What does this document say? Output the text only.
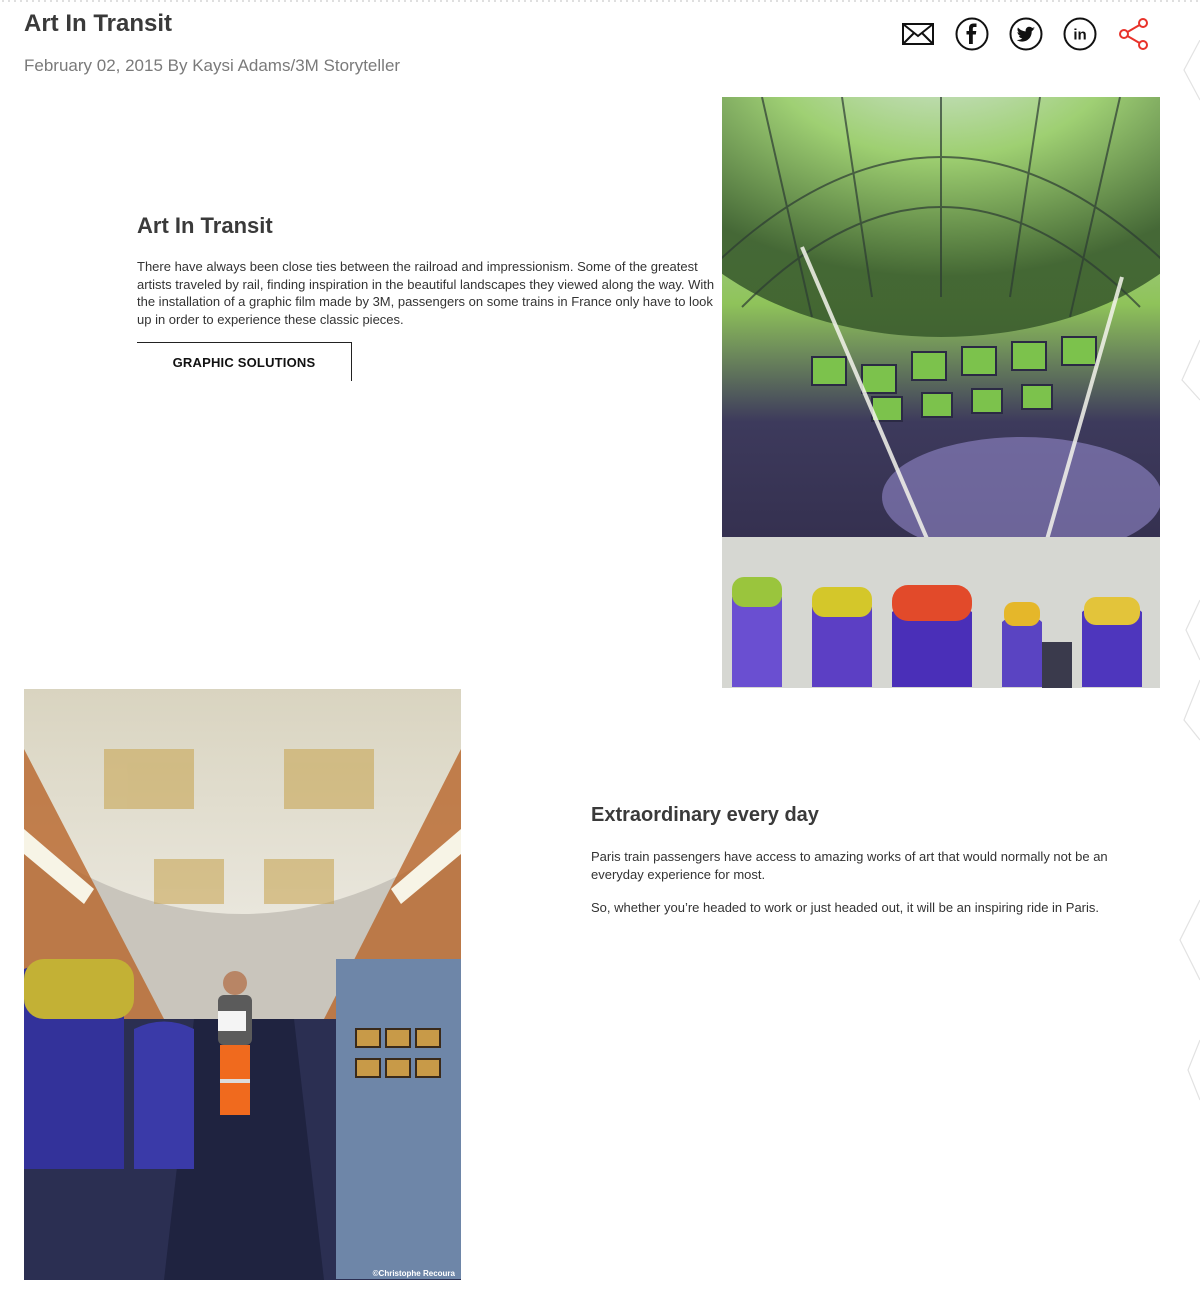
Art In Transit
February 02, 2015 By Kaysi Adams/3M Storyteller
in
Art In Transit

There have always been close ties between the railroad and impressionism. Some of the greatest artists traveled by rail, finding inspiration in the beautiful landscapes they viewed along the way. With the installation of a graphic film made by 3M, passengers on some trains in France only have to look up in order to experience these classic pieces.

GRAPHIC SOLUTIONS
©Christophe Recoura
Extraordinary every day

Paris train passengers have access to amazing works of art that would normally not be an everyday experience for most.

So, whether you’re headed to work or just headed out, it will be an inspiring ride in Paris.
